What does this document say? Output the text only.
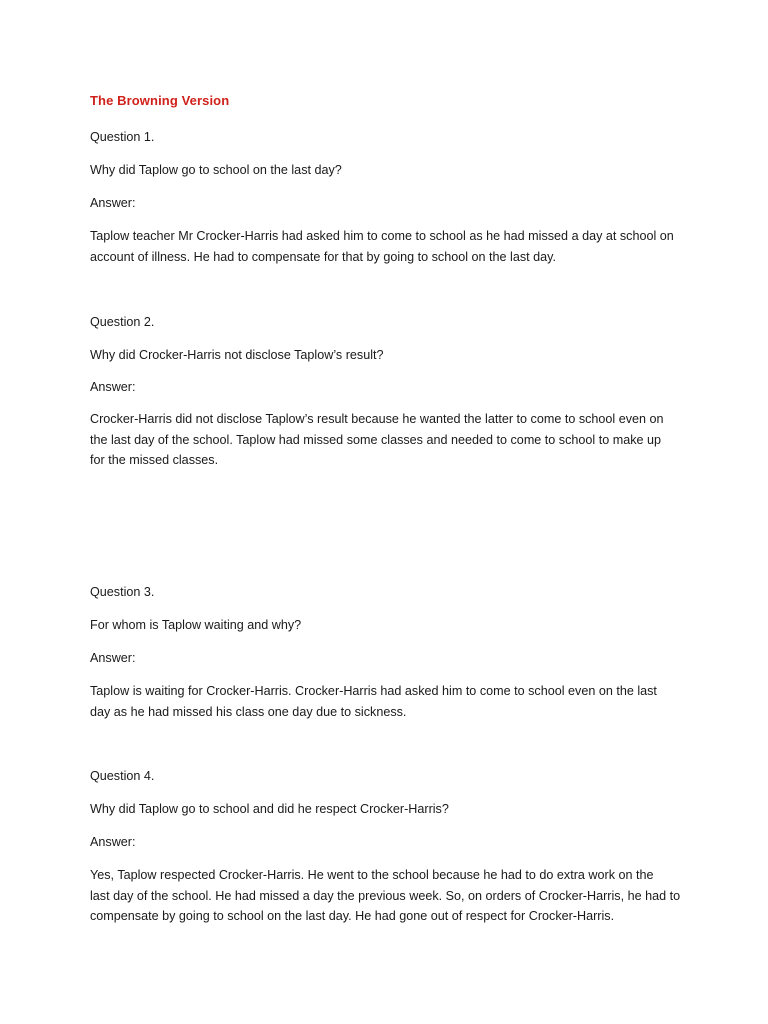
The Browning Version
Question 1.
Why did Taplow go to school on the last day?
Answer:
Taplow teacher Mr Crocker-Harris had asked him to come to school as he had missed a day at school on
account of illness. He had to compensate for that by going to school on the last day.
Question 2.
Why did Crocker-Harris not disclose Taplow’s result?
Answer:
Crocker-Harris did not disclose Taplow’s result because he wanted the latter to come to school even on
the last day of the school. Taplow had missed some classes and needed to come to school to make up
for the missed classes.
Question 3.
For whom is Taplow waiting and why?
Answer:
Taplow is waiting for Crocker-Harris. Crocker-Harris had asked him to come to school even on the last
day as he had missed his class one day due to sickness.
Question 4.
Why did Taplow go to school and did he respect Crocker-Harris?
Answer:
Yes, Taplow respected Crocker-Harris. He went to the school because he had to do extra work on the
last day of the school. He had missed a day the previous week. So, on orders of Crocker-Harris, he had to
compensate by going to school on the last day. He had gone out of respect for Crocker-Harris.
